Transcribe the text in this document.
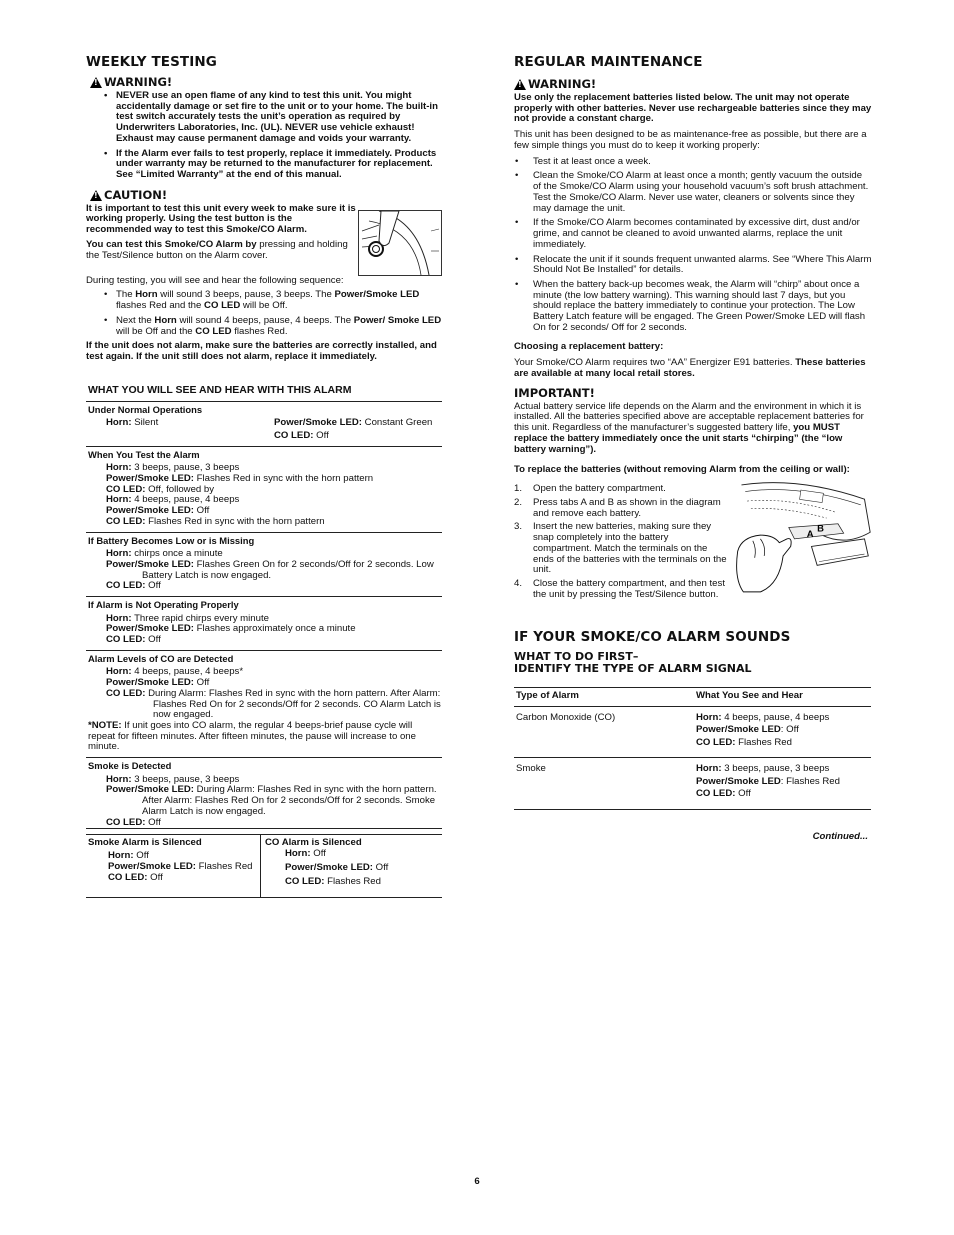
WEEKLY TESTING
!
WARNING!
• NEVER use an open flame of any kind to test this unit. You might accidentally damage or set fire to the unit or to your home. The built-in test switch accurately tests the unit’s operation as required by Underwriters Laboratories, Inc. (UL). NEVER use vehicle exhaust! Exhaust may cause permanent damage and voids your warranty.
• If the Alarm ever fails to test properly, replace it immediately. Products under warranty may be returned to the manufacturer for replacement. See “Limited Warranty” at the end of this manual.
!
CAUTION!

It is important to test this unit every week to make sure it is working properly. Using the test button is the recommended way to test this Smoke/CO Alarm.

You can test this Smoke/CO Alarm by pressing and holding the Test/Silence button on the Alarm cover.

During testing, you will see and hear the following sequence:

• The Horn will sound 3 beeps, pause, 3 beeps. The Power/Smoke LED flashes Red and the CO LED will be Off.
• Next the Horn will sound 4 beeps, pause, 4 beeps. The Power/ Smoke LED will be Off and the CO LED flashes Red.

If the unit does not alarm, make sure the batteries are correctly installed, and test again. If the unit still does not alarm, replace it immediately.

WHAT YOU WILL SEE AND HEAR WITH THIS ALARM
Under Normal Operations
Horn: Silent	Power/Smoke LED: Constant Green
CO LED: Off
When You Test the Alarm
Horn: 3 beeps, pause, 3 beeps
Power/Smoke LED: Flashes Red in sync with the horn pattern
CO LED: Off, followed by
Horn: 4 beeps, pause, 4 beeps
Power/Smoke LED: Off
CO LED: Flashes Red in sync with the horn pattern
If Battery Becomes Low or is Missing
Horn: chirps once a minute
Power/Smoke LED: Flashes Green On for 2 seconds/Off for 2 seconds. Low Battery Latch is now engaged.
CO LED: Off
If Alarm is Not Operating Properly
Horn: Three rapid chirps every minute
Power/Smoke LED: Flashes approximately once a minute
CO LED: Off
Alarm Levels of CO are Detected
Horn: 4 beeps, pause, 4 beeps*
Power/Smoke LED: Off
CO LED: During Alarm: Flashes Red in sync with the horn pattern. After Alarm: Flashes Red On for 2 seconds/Off for 2 seconds. CO Alarm Latch is now engaged.
*NOTE: If unit goes into CO alarm, the regular 4 beeps-brief pause cycle will repeat for fifteen minutes. After fifteen minutes, the pause will increase to one minute.
Smoke is Detected
Horn: 3 beeps, pause, 3 beeps
Power/Smoke LED: During Alarm: Flashes Red in sync with the horn pattern. After Alarm: Flashes Red On for 2 seconds/Off for 2 seconds. Smoke Alarm Latch is now engaged.
CO LED: Off
Smoke Alarm is Silenced
Horn: Off
Power/Smoke LED: Flashes Red
CO LED: Off
CO Alarm is Silenced
Horn: Off
Power/Smoke LED: Off
CO LED: Flashes Red
REGULAR MAINTENANCE
!
WARNING!

Use only the replacement batteries listed below. The unit may not operate properly with other batteries. Never use rechargeable batteries since they may not provide a constant charge.

This unit has been designed to be as maintenance-free as possible, but there are a few simple things you must do to keep it working properly:

• Test it at least once a week.
• Clean the Smoke/CO Alarm at least once a month; gently vacuum the outside of the Smoke/CO Alarm using your household vacuum’s soft brush attachment. Test the Smoke/CO Alarm. Never use water, cleaners or solvents since they may damage the unit.
• If the Smoke/CO Alarm becomes contaminated by excessive dirt, dust and/or grime, and cannot be cleaned to avoid unwanted alarms, replace the unit immediately.
• Relocate the unit if it sounds frequent unwanted alarms. See “Where This Alarm Should Not Be Installed” for details.
• When the battery back-up becomes weak, the Alarm will “chirp” about once a minute (the low battery warning). This warning should last 7 days, but you should replace the battery immediately to continue your protection. The Low Battery Latch feature will be engaged. The Green Power/Smoke LED will flash On for 2 seconds/ Off for 2 seconds.

Choosing a replacement battery:

Your Smoke/CO Alarm requires two “AA” Energizer E91 batteries. These batteries are available at many local retail stores.

IMPORTANT!

Actual battery service life depends on the Alarm and the environment in which it is installed. All the batteries specified above are acceptable replacement batteries for this unit. Regardless of the manufacturer’s suggested battery life, you MUST replace the battery immediately once the unit starts “chirping” (the “low battery warning”).

To replace the batteries (without removing Alarm from the ceiling or wall):

1. Open the battery compartment.
2. Press tabs A and B as shown in the diagram and remove each battery.
3. Insert the new batteries, making sure they snap completely into the battery compartment. Match the terminals on the ends of the batteries with the terminals on the unit.
4. Close the battery compartment, and then test the unit by pressing the Test/Silence button.
A
B
IF YOUR SMOKE/CO ALARM SOUNDS
WHAT TO DO FIRST–
IDENTIFY THE TYPE OF ALARM SIGNAL
Type of Alarm	What You See and Hear
Carbon Monoxide (CO)	Horn: 4 beeps, pause, 4 beeps
Power/Smoke LED: Off
CO LED: Flashes Red

Smoke	Horn: 3 beeps, pause, 3 beeps
Power/Smoke LED: Flashes Red
CO LED: Off
Continued...
6
